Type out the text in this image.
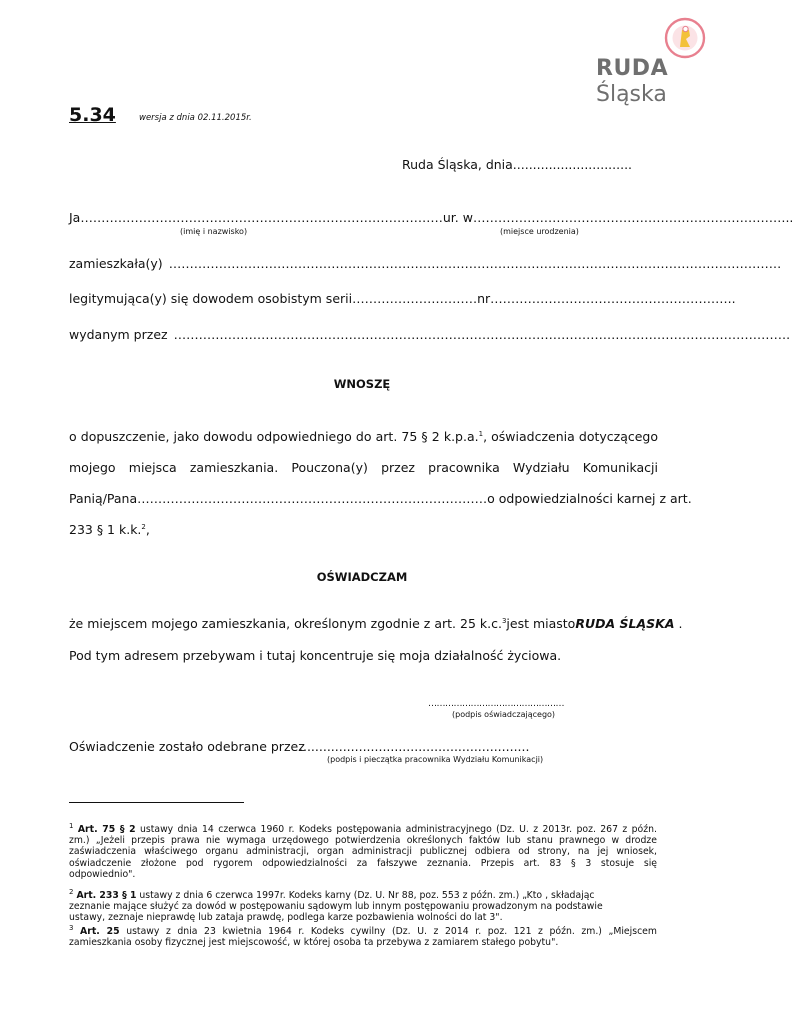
RUDA
Śląska
5.34	wersja z dnia 02.11.2015r.
Ruda Śląska, dnia..............................
Ja …………………………………………………………………………… ur. w …………………………………………………………………..
(imię i nazwisko)	(miejsce urodzenia)
zamieszkała(y) …………………………………………………………………………………………………………………………………
legitymująca(y) się dowodem osobistym serii ………………………… nr …………………………………………………..
wydanym przez ………………………………………………………………………………………………………………………………….
WNOSZĘ
o dopuszczenie, jako dowodu odpowiedniego do art. 75 § 2 k.p.a.$^1$, oświadczenia dotyczącego
mojego miejsca zamieszkania. Pouczona(y) przez pracownika Wydziału Komunikacji
Panią/Pana ………………………………………………………………………… o odpowiedzialności karnej z art.
233 § 1 k.k.$^2$,
OŚWIADCZAM
że miejscem mojego zamieszkania, określonym zgodnie z art. 25 k.c.$^3$ jest miasto RUDA ŚLĄSKA .
Pod tym adresem przebywam i tutaj koncentruje się moja działalność życiowa.
…………………………………………
(podpis oświadczającego)
Oświadczenie zostało odebrane przez
..........................................................
(podpis i pieczątka pracownika Wydziału Komunikacji)
$^1$ Art. 75 § 2 ustawy dnia 14 czerwca 1960 r. Kodeks postępowania administracyjnego (Dz. U. z 2013r. poz. 267 z późn.
zm.) „Jeżeli przepis prawa nie wymaga urzędowego potwierdzenia określonych faktów lub stanu prawnego w drodze
zaświadczenia właściwego organu administracji, organ administracji publicznej odbiera od strony, na jej wniosek,
oświadczenie złożone pod rygorem odpowiedzialności za fałszywe zeznania. Przepis art. 83 § 3 stosuje się
odpowiednio".
$^2$ Art. 233 § 1 ustawy z dnia 6 czerwca 1997r. Kodeks karny (Dz. U. Nr 88, poz. 553 z późn. zm.) „Kto , składając
zeznanie mające służyć za dowód w postępowaniu sądowym lub innym postępowaniu prowadzonym na podstawie
ustawy, zeznaje nieprawdę lub zataja prawdę, podlega karze pozbawienia wolności do lat 3".
$^3$ Art. 25 ustawy z dnia 23 kwietnia 1964 r. Kodeks cywilny (Dz. U. z 2014 r. poz. 121 z późn. zm.) „Miejscem
zamieszkania osoby fizycznej jest miejscowość, w której osoba ta przebywa z zamiarem stałego pobytu".
